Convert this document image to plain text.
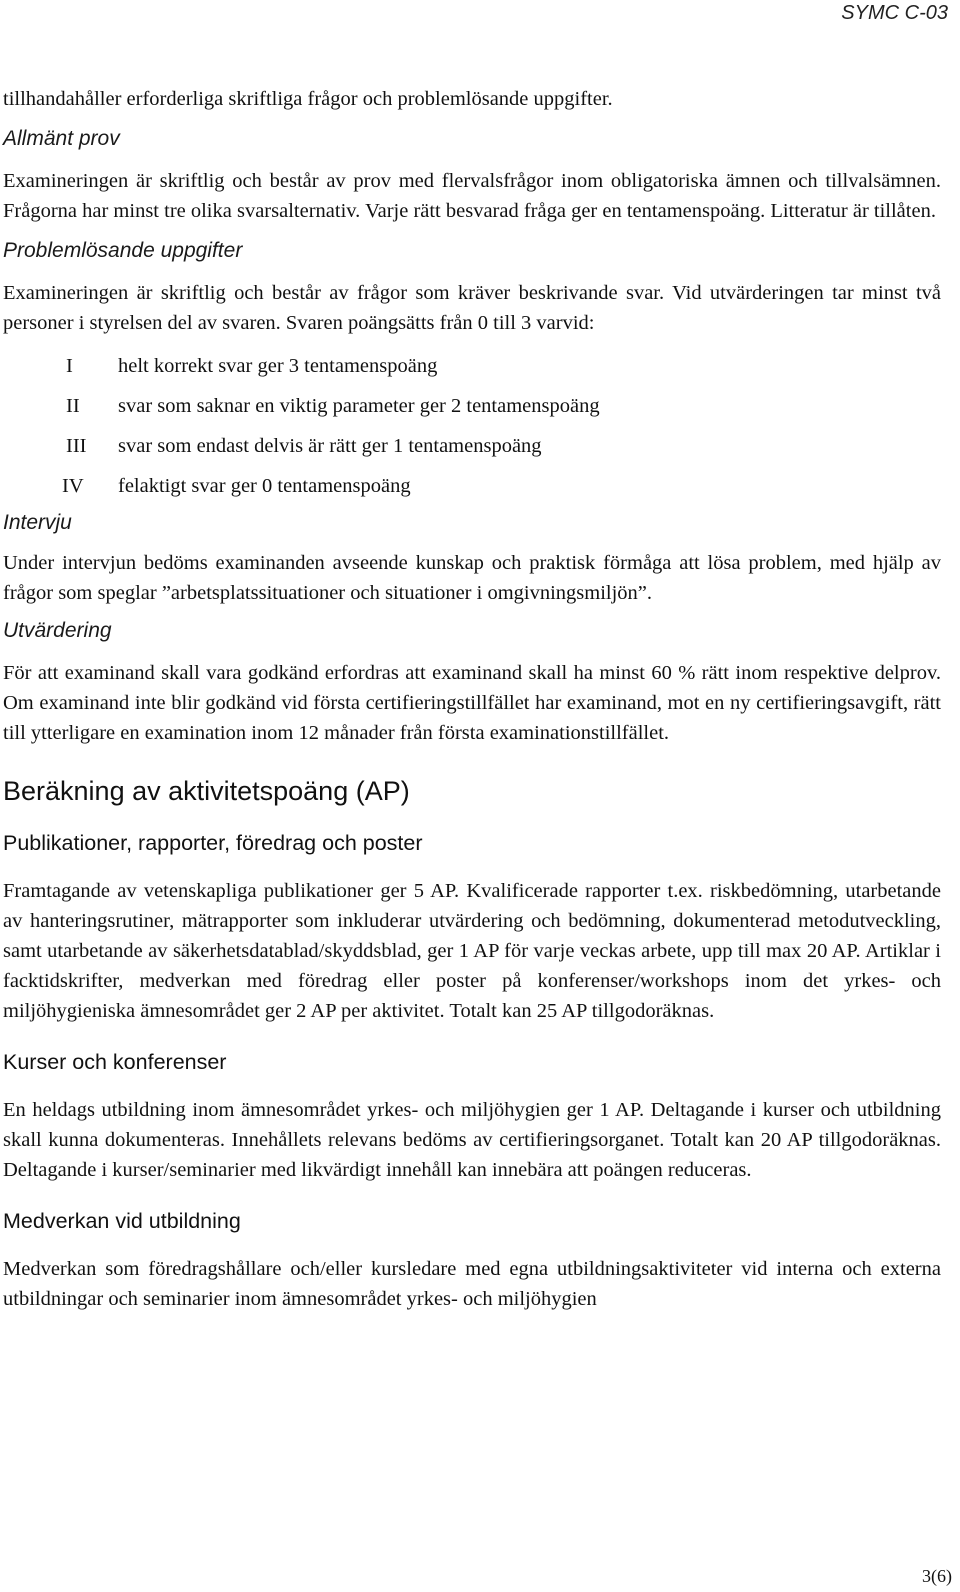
SYMC C-03

tillhandahåller erforderliga skriftliga frågor och problemlösande uppgifter.

Allmänt prov

Examineringen är skriftlig och består av prov med flervalsfrågor inom obligatoriska ämnen och tillvalsämnen. Frågorna har minst tre olika svarsalternativ. Varje rätt besvarad fråga ger en tentamenspoäng. Litteratur är tillåten.

Problemlösande uppgifter

Examineringen är skriftlig och består av frågor som kräver beskrivande svar. Vid utvärderingen tar minst två personer i styrelsen del av svaren. Svaren poängsätts från 0 till 3 varvid:

I	helt korrekt svar ger 3 tentamenspoäng
II	svar som saknar en viktig parameter ger 2 tentamenspoäng
III	svar som endast delvis är rätt ger 1 tentamenspoäng
IV	felaktigt svar ger 0 tentamenspoäng

Intervju

Under intervjun bedöms examinanden avseende kunskap och praktisk förmåga att lösa problem, med hjälp av frågor som speglar ”arbetsplatssituationer och situationer i omgivningsmiljön”.

Utvärdering

För att examinand skall vara godkänd erfordras att examinand skall ha minst 60 % rätt inom respektive delprov. Om examinand inte blir godkänd vid första certifieringstillfället har examinand, mot en ny certifieringsavgift, rätt till ytterligare en examination inom 12 månader från första examinationstillfället.

Beräkning av aktivitetspoäng (AP)

Publikationer, rapporter, föredrag och poster

Framtagande av vetenskapliga publikationer ger 5 AP. Kvalificerade rapporter t.ex. riskbedömning, utarbetande av hanteringsrutiner, mätrapporter som inkluderar utvärdering och bedömning, dokumenterad metodutveckling, samt utarbetande av säkerhetsdatablad/skyddsblad, ger 1 AP för varje veckas arbete, upp till max 20 AP. Artiklar i facktidskrifter, medverkan med föredrag eller poster på konferenser/workshops inom det yrkes- och miljöhygieniska ämnesområdet ger 2 AP per aktivitet. Totalt kan 25 AP tillgodoräknas.

Kurser och konferenser

En heldags utbildning inom ämnesområdet yrkes- och miljöhygien ger 1 AP. Deltagande i kurser och utbildning skall kunna dokumenteras. Innehållets relevans bedöms av certifieringsorganet. Totalt kan 20 AP tillgodoräknas. Deltagande i kurser/seminarier med likvärdigt innehåll kan innebära att poängen reduceras.

Medverkan vid utbildning

Medverkan som föredragshållare och/eller kursledare med egna utbildningsaktiviteter vid interna och externa utbildningar och seminarier inom ämnesområdet yrkes- och miljöhygien

3(6)
